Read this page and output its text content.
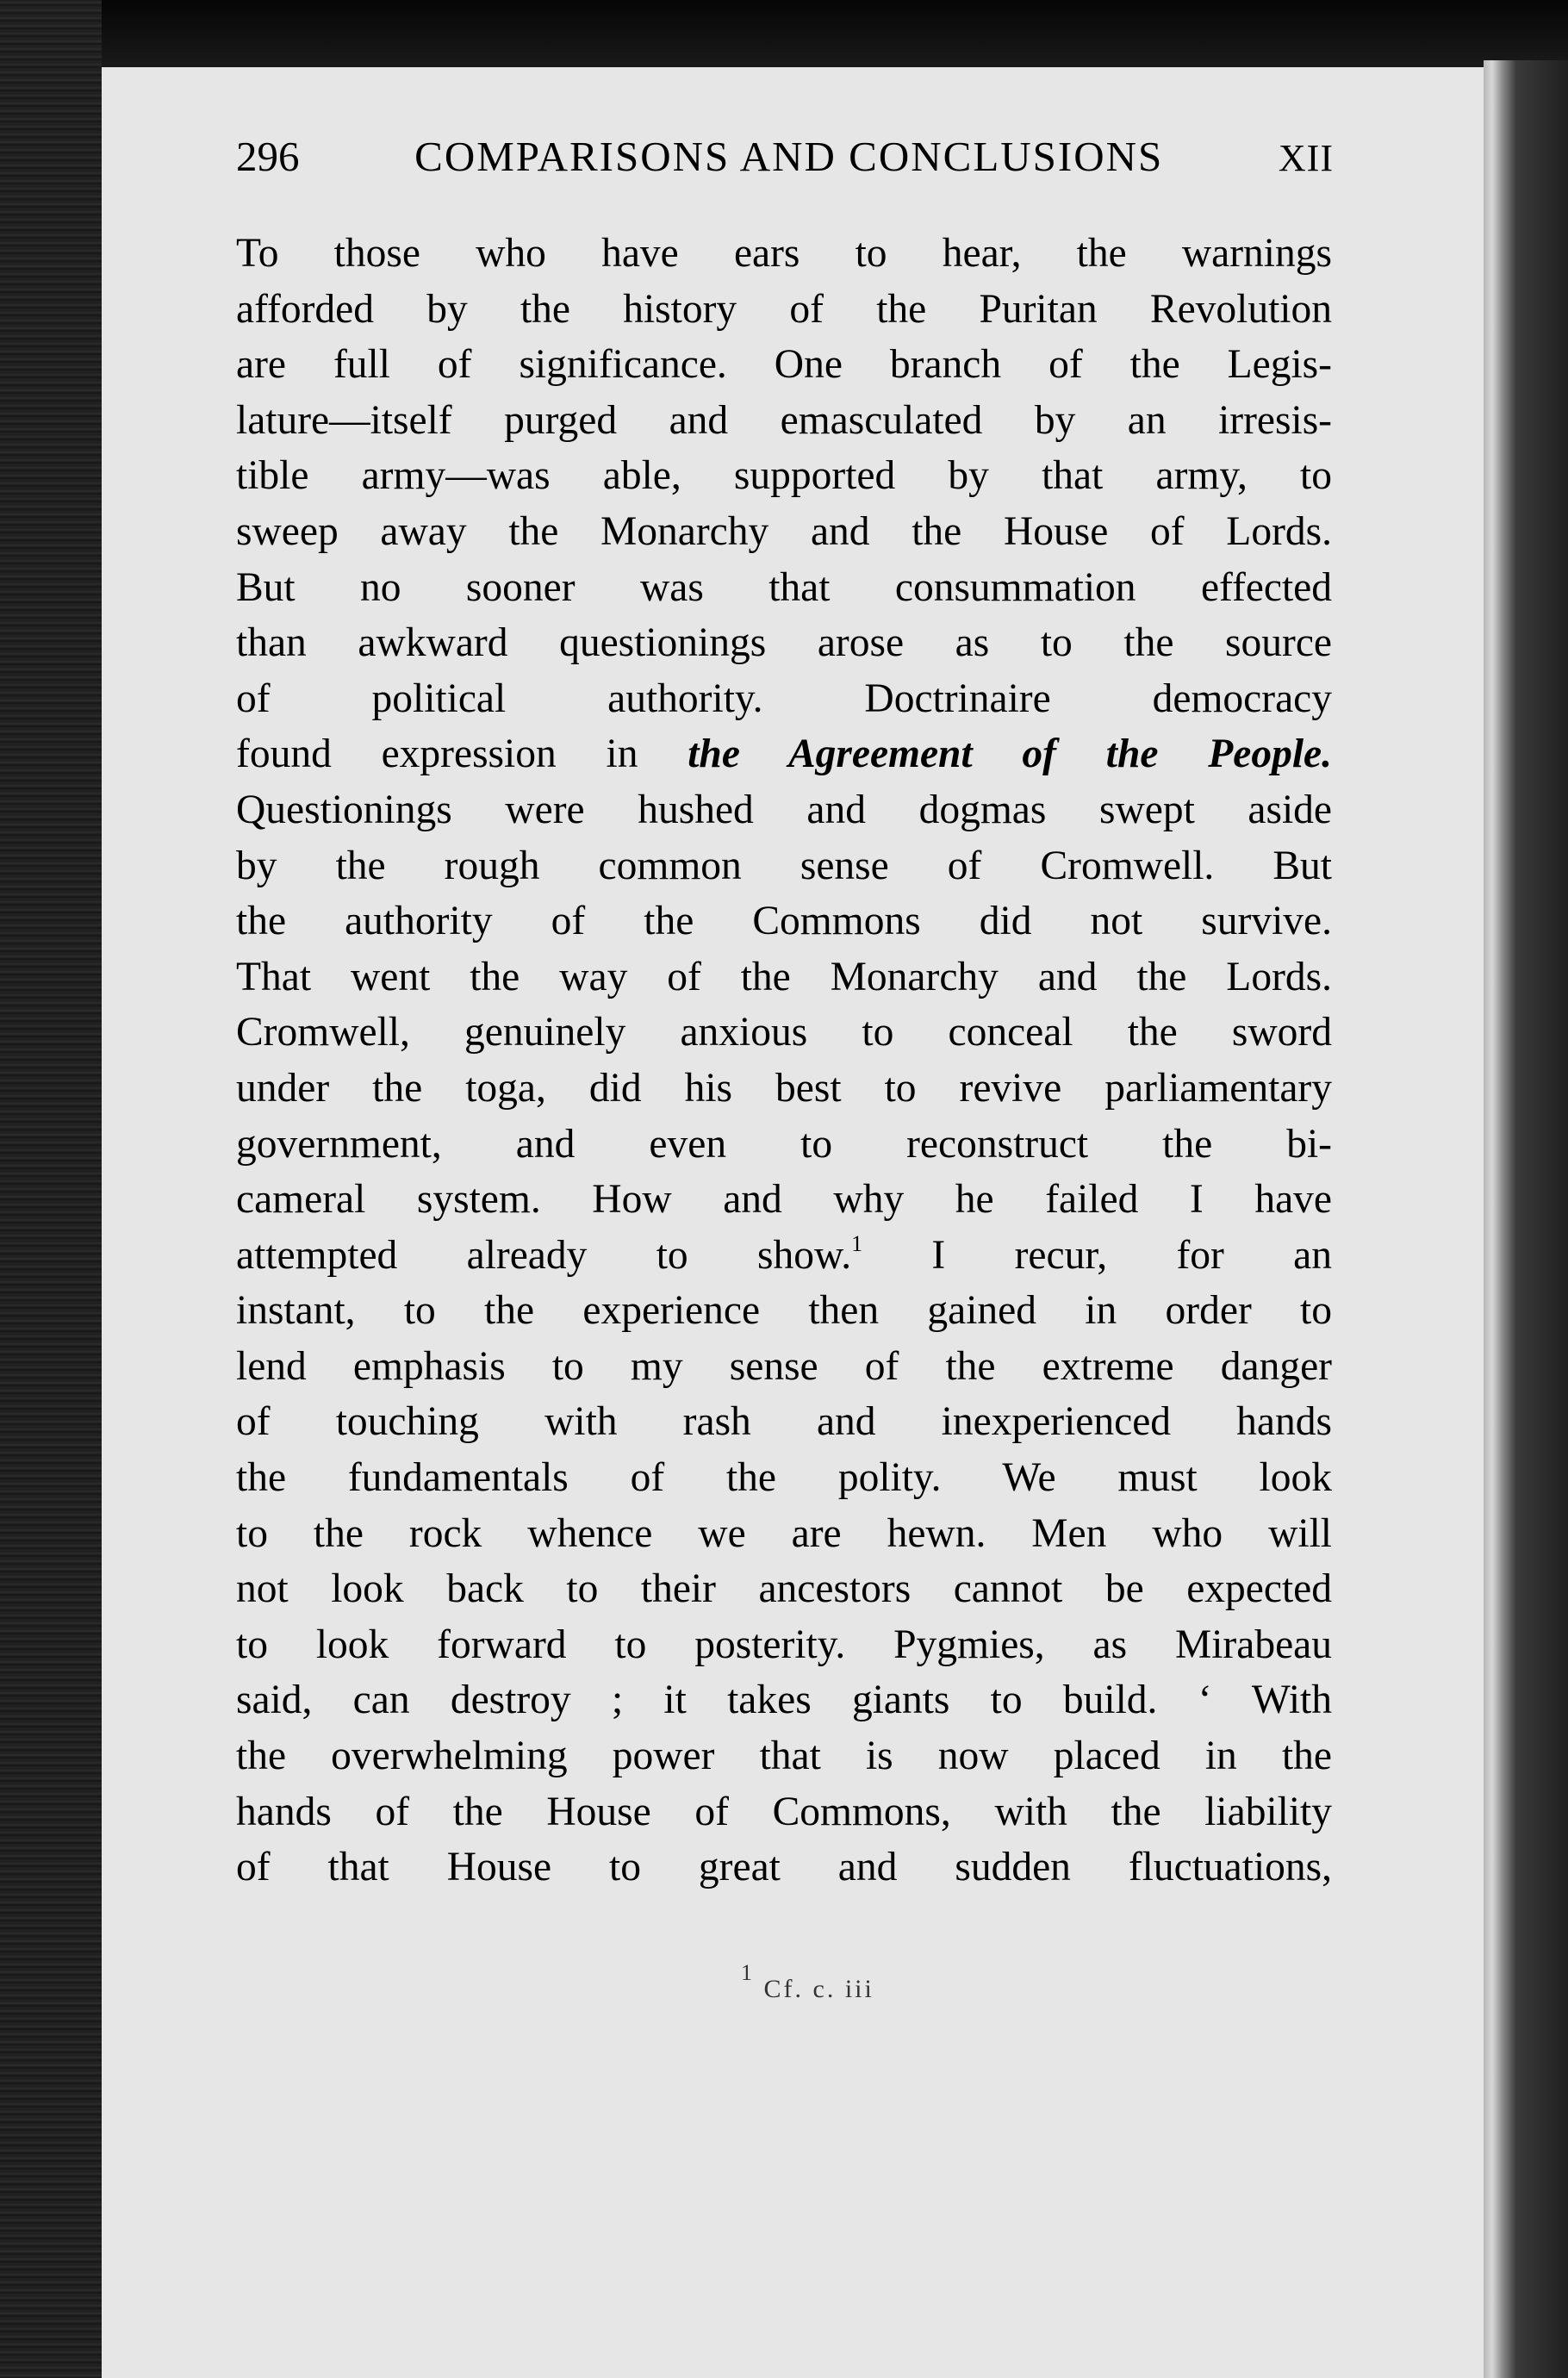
296	COMPARISONS AND CONCLUSIONS	XII
To those who have ears to hear, the warnings
afforded by the history of the Puritan Revolution
are full of significance. One branch of the Legis-
lature—itself purged and emasculated by an irresis-
tible army—was able, supported by that army, to
sweep away the Monarchy and the House of Lords.
But no sooner was that consummation effected
than awkward questionings arose as to the source
of political authority. Doctrinaire democracy
found expression in the Agreement of the People.
Questionings were hushed and dogmas swept aside
by the rough common sense of Cromwell. But
the authority of the Commons did not survive.
That went the way of the Monarchy and the Lords.
Cromwell, genuinely anxious to conceal the sword
under the toga, did his best to revive parliamentary
government, and even to reconstruct the bi-
cameral system. How and why he failed I have
attempted already to show.$^1$ I recur, for an
instant, to the experience then gained in order to
lend emphasis to my sense of the extreme danger
of touching with rash and inexperienced hands
the fundamentals of the polity. We must look
to the rock whence we are hewn. Men who will
not look back to their ancestors cannot be expected
to look forward to posterity. Pygmies, as Mirabeau
said, can destroy ; it takes giants to build. ‘ With
the overwhelming power that is now placed in the
hands of the House of Commons, with the liability
of that House to great and sudden fluctuations,
$^1$ Cf. c. iii
